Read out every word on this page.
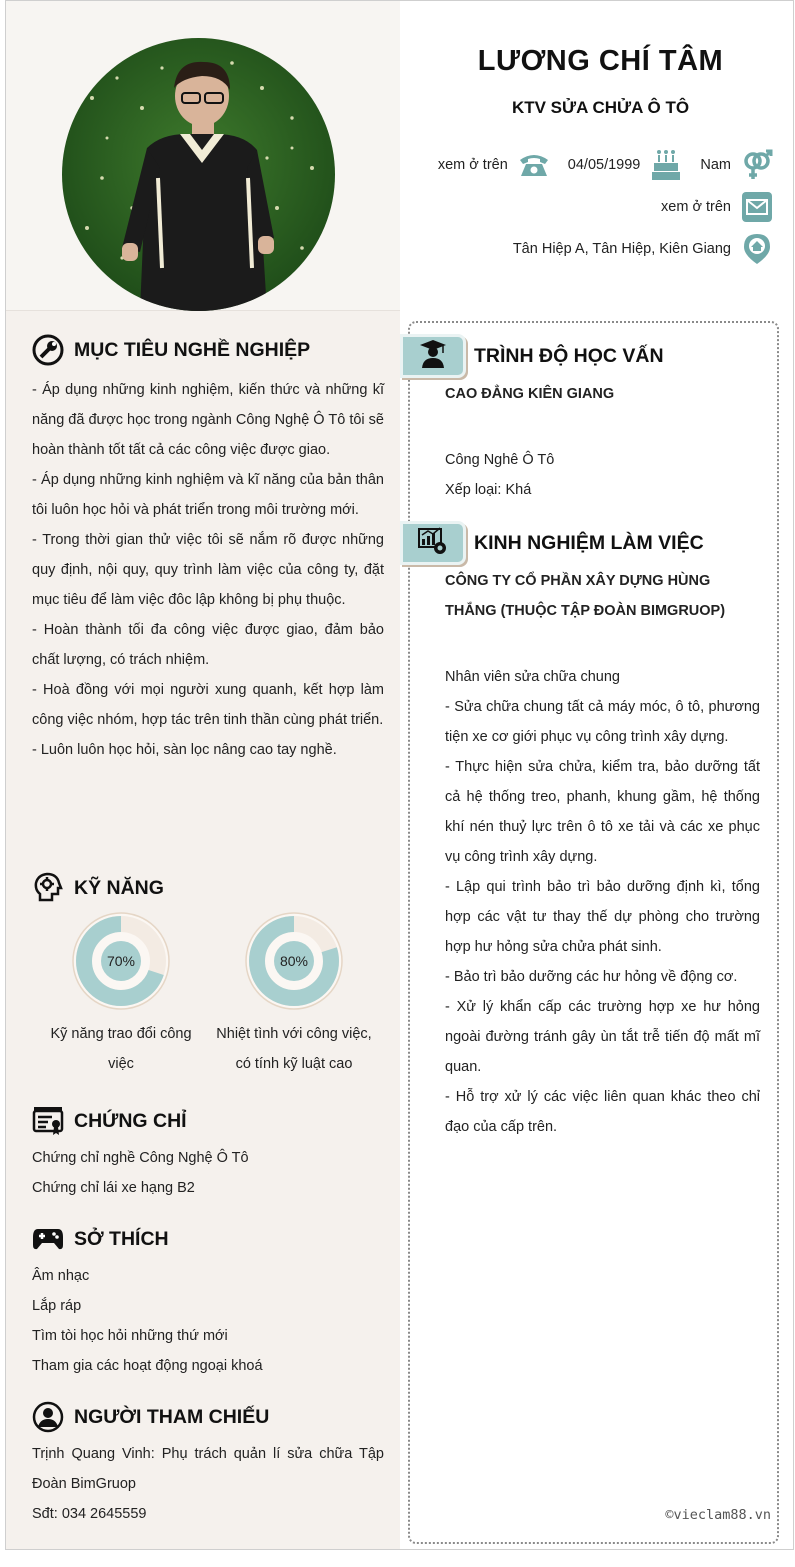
LƯƠNG CHÍ TÂM
KTV SỬA CHỬA Ô TÔ
xem ở trên	04/05/1999	Nam
xem ở trên
Tân Hiệp A, Tân Hiệp, Kiên Giang
MỤC TIÊU NGHỀ NGHIỆP

- Áp dụng những kinh nghiệm, kiến thức và những kĩ năng đã được học trong ngành Công Nghệ Ô Tô tôi sẽ hoàn thành tốt tất cả các công việc được giao.

- Áp dụng những kinh nghiệm và kĩ năng của bản thân tôi luôn học hỏi và phát triển trong môi trường mới.

- Trong thời gian thử việc tôi sẽ nắm rõ được những quy định, nội quy, quy trình làm việc của công ty, đặt mục tiêu để làm việc đôc lập không bị phụ thuộc.

- Hoàn thành tối đa công việc được giao, đảm bảo chất lượng, có trách nhiệm.

- Hoà đồng với mọi người xung quanh, kết hợp làm công việc nhóm, hợp tác trên tinh thần cùng phát triển.

- Luôn luôn học hỏi, sàn lọc nâng cao tay nghề.

KỸ NĂNG
70%
Kỹ năng trao đổi công việc
80%
Nhiệt tình với công việc, có tính kỹ luật cao
CHỨNG CHỈ
Chứng chỉ nghề Công Nghệ Ô Tô
Chứng chỉ lái xe hạng B2
SỞ THÍCH
Âm nhạc
Lắp ráp
Tìm tòi học hỏi những thứ mới
Tham gia các hoạt động ngoại khoá
NGƯỜI THAM CHIẾU

Trịnh Quang Vinh: Phụ trách quản lí sửa chữa Tập Đoàn BimGruop

Sđt: 034 2645559
TRÌNH ĐỘ HỌC VẤN
CAO ĐẲNG KIÊN GIANG
Công Nghê Ô Tô
Xếp loại: Khá
KINH NGHIỆM LÀM VIỆC
CÔNG TY CỔ PHẦN XÂY DỰNG HÙNG THẮNG (THUỘC TẬP ĐOÀN BIMGRUOP)
Nhân viên sửa chữa chung

- Sửa chữa chung tất cả máy móc, ô tô, phương tiện xe cơ giới phục vụ công trình xây dựng.

- Thực hiện sửa chửa, kiểm tra, bảo dưỡng tất cả hệ thống treo, phanh, khung gầm, hệ thống khí nén thuỷ lực trên ô tô xe tải và các xe phục vụ công trình xây dựng.

- Lập qui trình bảo trì bảo dưỡng định kì, tổng hợp các vật tư thay thế dự phòng cho trường hợp hư hỏng sửa chửa phát sinh.

- Bảo trì bảo dưỡng các hư hỏng về động cơ.

- Xử lý khẩn cấp các trường hợp xe hư hỏng ngoài đường tránh gây ùn tắt trễ tiến độ mất mĩ quan.

- Hỗ trợ xử lý các việc liên quan khác theo chỉ đạo của cấp trên.

©vieclam88.vn
